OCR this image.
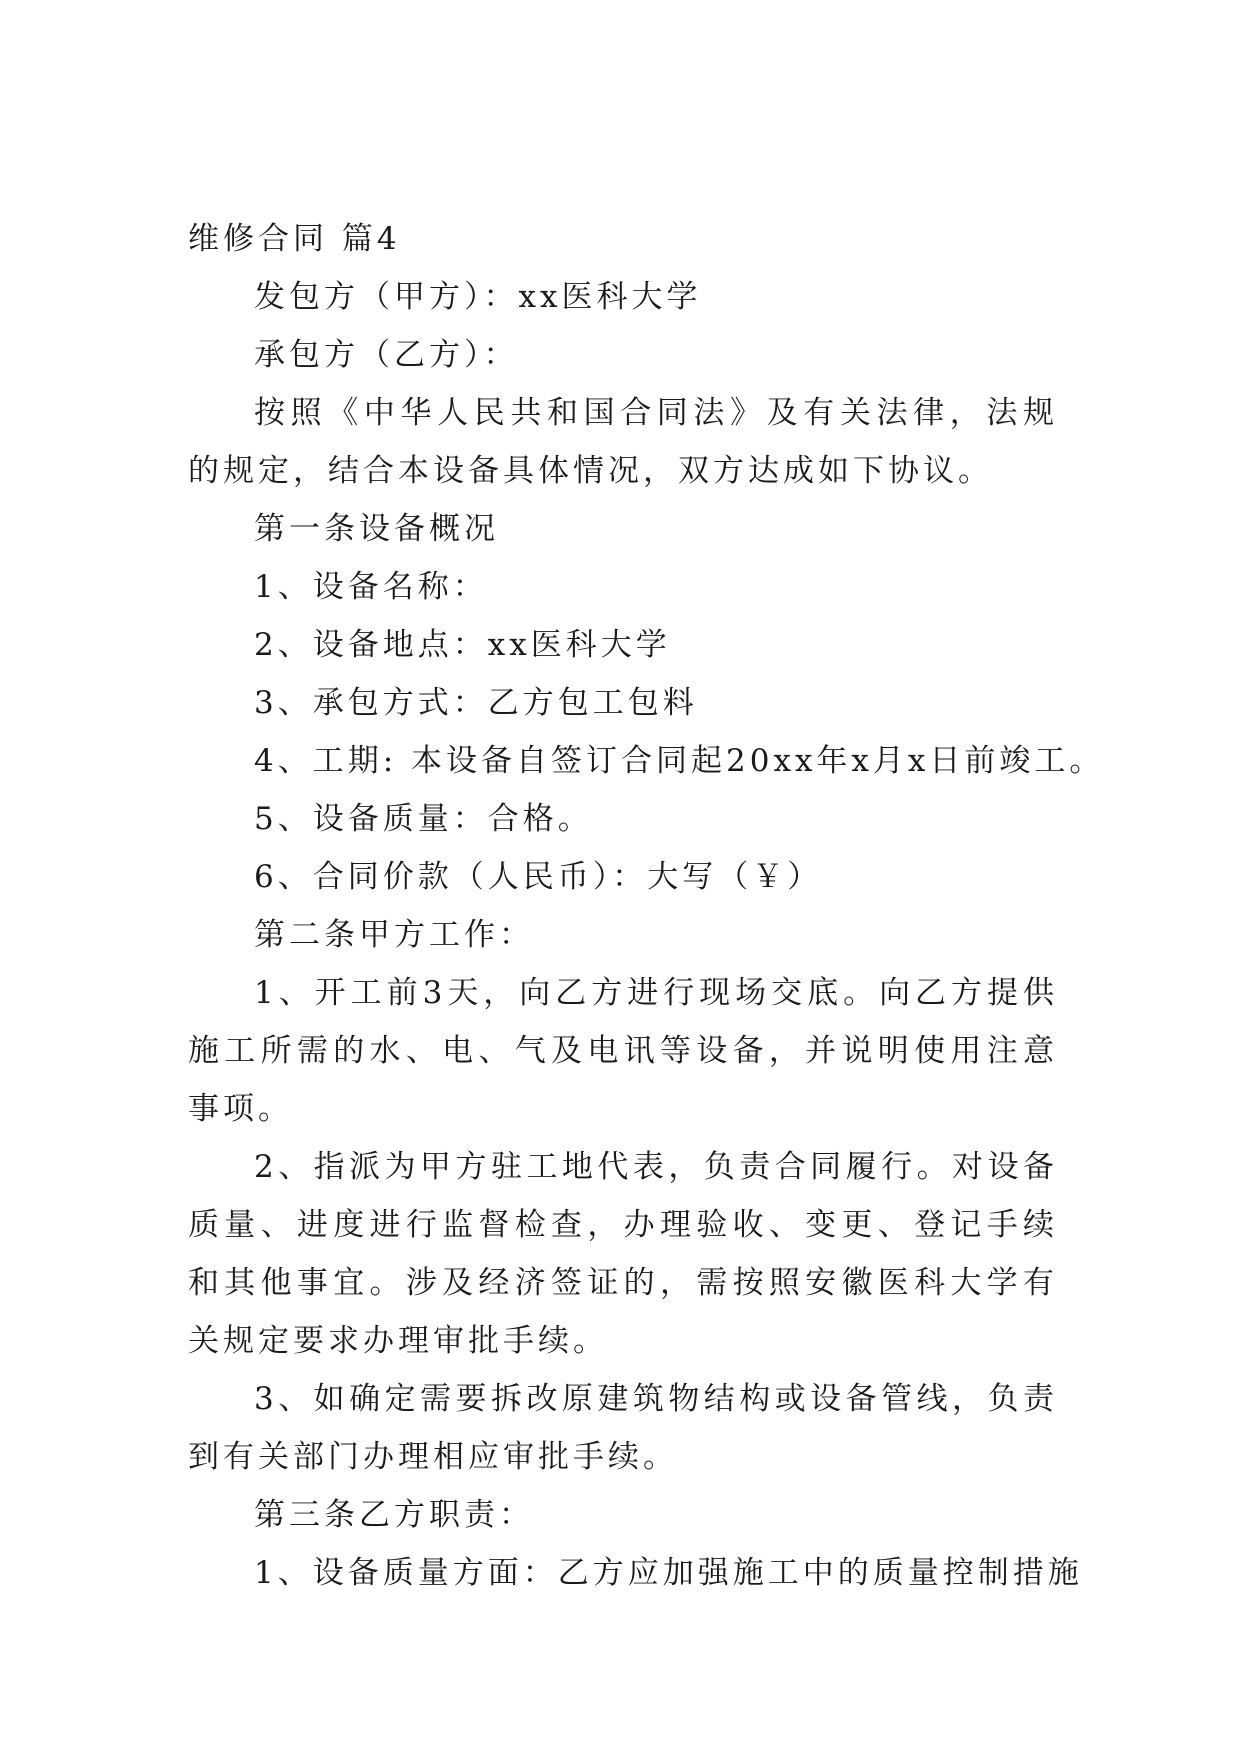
维修合同 篇4
发包方（甲方）：xx医科大学
承包方（乙方）：
按照《中华人民共和国合同法》及有关法律，法规的规定，结合本设备具体情况，双方达成如下协议。
第一条设备概况
1、设备名称：
2、设备地点：xx医科大学
3、承包方式：乙方包工包料
4、工期: 本设备自签订合同起20xx年x月x日前竣工。
5、设备质量：合格。
6、合同价款（人民币）：大写（￥）
第二条甲方工作：
1、开工前3天，向乙方进行现场交底。向乙方提供施工所需的水、电、气及电讯等设备，并说明使用注意事项。
2、指派为甲方驻工地代表，负责合同履行。对设备质量、进度进行监督检查，办理验收、变更、登记手续和其他事宜。涉及经济签证的，需按照安徽医科大学有关规定要求办理审批手续。
3、如确定需要拆改原建筑物结构或设备管线，负责到有关部门办理相应审批手续。
第三条乙方职责：
1、设备质量方面：乙方应加强施工中的质量控制措施
